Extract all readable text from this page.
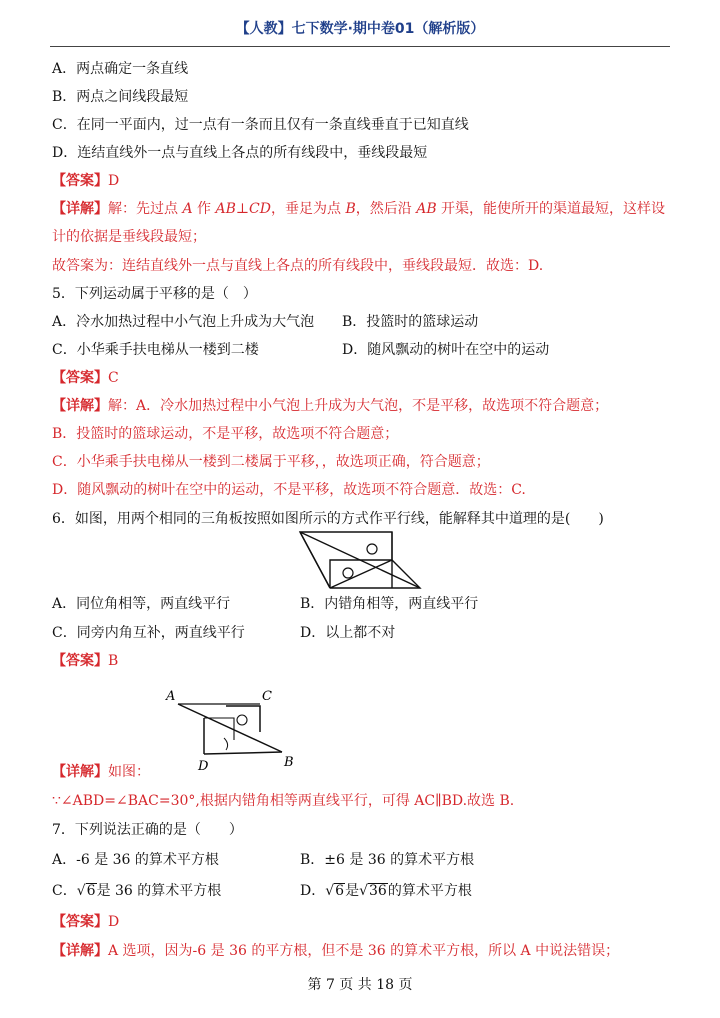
【人教】七下数学·期中卷01（解析版）
A．两点确定一条直线
B．两点之间线段最短
C．在同一平面内，过一点有一条而且仅有一条直线垂直于已知直线
D．连结直线外一点与直线上各点的所有线段中，垂线段最短
【答案】D
【详解】解：先过点 A 作 AB⊥CD，垂足为点 B，然后沿 AB 开渠，能使所开的渠道最短，这样设
计的依据是垂线段最短；
故答案为：连结直线外一点与直线上各点的所有线段中，垂线段最短．故选：D.
5．下列运动属于平移的是（　）
A．冷水加热过程中小气泡上升成为大气泡 B．投篮时的篮球运动
C．小华乘手扶电梯从一楼到二楼	D．随风飘动的树叶在空中的运动
【答案】C
【详解】解：A．冷水加热过程中小气泡上升成为大气泡，不是平移，故选项不符合题意；
B．投篮时的篮球运动，不是平移，故选项不符合题意；
C．小华乘手扶电梯从一楼到二楼属于平移，，故选项正确，符合题意；
D．随风飘动的树叶在空中的运动，不是平移，故选项不符合题意．故选：C.
6．如图，用两个相同的三角板按照如图所示的方式作平行线，能解释其中道理的是(　　)
A．同位角相等，两直线平行	B．内错角相等，两直线平行
C．同旁内角互补，两直线平行	D．以上都不对
【答案】B
A	C
D	B
【详解】如图：
∵∠ABD=∠BAC=30°,根据内错角相等两直线平行，可得 AC∥BD.故选 B.
7．下列说法正确的是（　　）
A．-6 是 36 的算术平方根	B．±6 是 36 的算术平方根
C．√6是 36 的算术平方根	D．√6是√36的算术平方根
【答案】D
【详解】A 选项，因为-6 是 36 的平方根，但不是 36 的算术平方根，所以 A 中说法错误；
第 7 页 共 18 页
